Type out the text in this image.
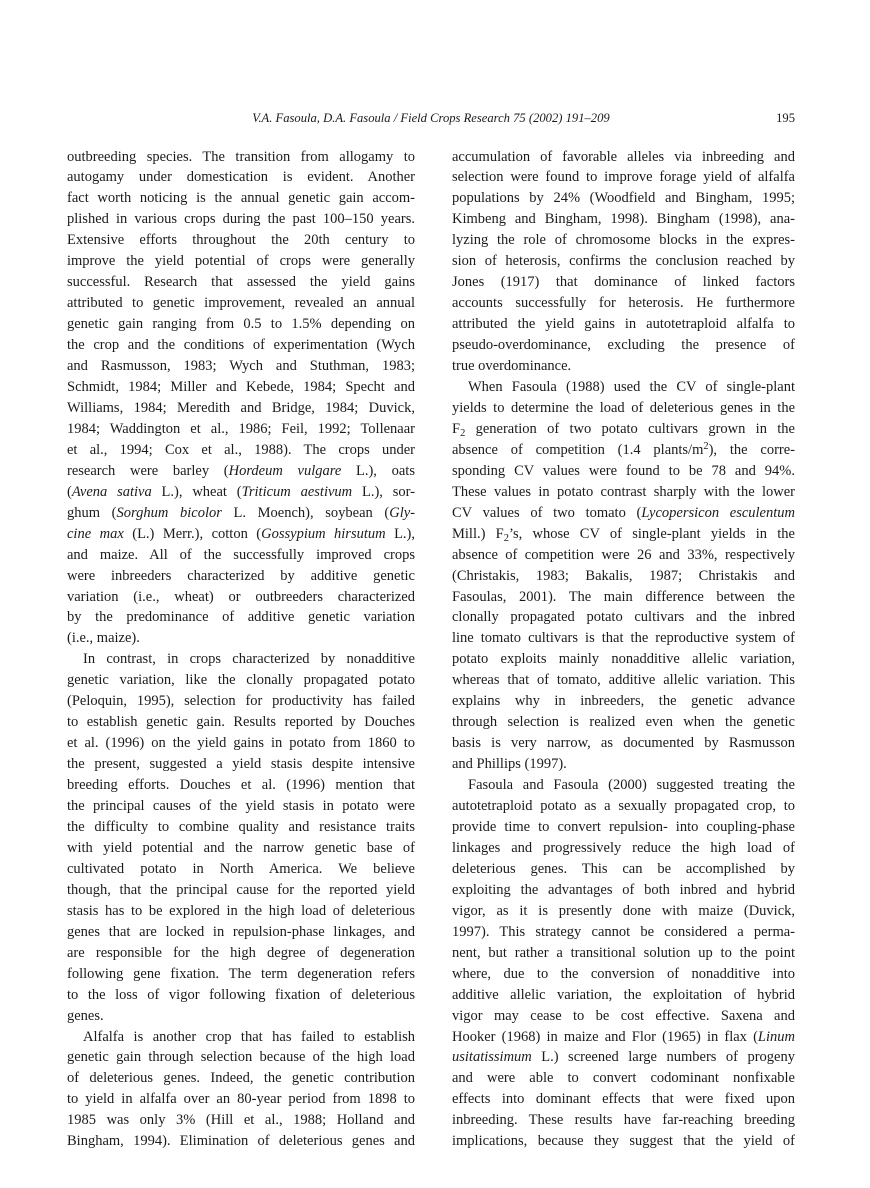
V.A. Fasoula, D.A. Fasoula / Field Crops Research 75 (2002) 191–209	195
outbreeding species. The transition from allogamy to
autogamy under domestication is evident. Another
fact worth noticing is the annual genetic gain accom-
plished in various crops during the past 100–150 years.
Extensive efforts throughout the 20th century to
improve the yield potential of crops were generally
successful. Research that assessed the yield gains
attributed to genetic improvement, revealed an annual
genetic gain ranging from 0.5 to 1.5% depending on
the crop and the conditions of experimentation (Wych
and Rasmusson, 1983; Wych and Stuthman, 1983;
Schmidt, 1984; Miller and Kebede, 1984; Specht and
Williams, 1984; Meredith and Bridge, 1984; Duvick,
1984; Waddington et al., 1986; Feil, 1992; Tollenaar
et al., 1994; Cox et al., 1988). The crops under
research were barley (Hordeum vulgare L.), oats
(Avena sativa L.), wheat (Triticum aestivum L.), sor-
ghum (Sorghum bicolor L. Moench), soybean (Gly-
cine max (L.) Merr.), cotton (Gossypium hirsutum L.),
and maize. All of the successfully improved crops
were inbreeders characterized by additive genetic
variation (i.e., wheat) or outbreeders characterized
by the predominance of additive genetic variation
(i.e., maize).
In contrast, in crops characterized by nonadditive
genetic variation, like the clonally propagated potato
(Peloquin, 1995), selection for productivity has failed
to establish genetic gain. Results reported by Douches
et al. (1996) on the yield gains in potato from 1860 to
the present, suggested a yield stasis despite intensive
breeding efforts. Douches et al. (1996) mention that
the principal causes of the yield stasis in potato were
the difficulty to combine quality and resistance traits
with yield potential and the narrow genetic base of
cultivated potato in North America. We believe
though, that the principal cause for the reported yield
stasis has to be explored in the high load of deleterious
genes that are locked in repulsion-phase linkages, and
are responsible for the high degree of degeneration
following gene fixation. The term degeneration refers
to the loss of vigor following fixation of deleterious
genes.
Alfalfa is another crop that has failed to establish
genetic gain through selection because of the high load
of deleterious genes. Indeed, the genetic contribution
to yield in alfalfa over an 80-year period from 1898 to
1985 was only 3% (Hill et al., 1988; Holland and
Bingham, 1994). Elimination of deleterious genes and
accumulation of favorable alleles via inbreeding and
selection were found to improve forage yield of alfalfa
populations by 24% (Woodfield and Bingham, 1995;
Kimbeng and Bingham, 1998). Bingham (1998), ana-
lyzing the role of chromosome blocks in the expres-
sion of heterosis, confirms the conclusion reached by
Jones (1917) that dominance of linked factors
accounts successfully for heterosis. He furthermore
attributed the yield gains in autotetraploid alfalfa to
pseudo-overdominance, excluding the presence of
true overdominance.
When Fasoula (1988) used the CV of single-plant
yields to determine the load of deleterious genes in the
$F_2$ generation of two potato cultivars grown in the
absence of competition (1.4 plants/$m^2$), the corre-
sponding CV values were found to be 78 and 94%.
These values in potato contrast sharply with the lower
CV values of two tomato (Lycopersicon esculentum
Mill.) $F_2’s$, whose CV of single-plant yields in the
absence of competition were 26 and 33%, respectively
(Christakis, 1983; Bakalis, 1987; Christakis and
Fasoulas, 2001). The main difference between the
clonally propagated potato cultivars and the inbred
line tomato cultivars is that the reproductive system of
potato exploits mainly nonadditive allelic variation,
whereas that of tomato, additive allelic variation. This
explains why in inbreeders, the genetic advance
through selection is realized even when the genetic
basis is very narrow, as documented by Rasmusson
and Phillips (1997).
Fasoula and Fasoula (2000) suggested treating the
autotetraploid potato as a sexually propagated crop, to
provide time to convert repulsion- into coupling-phase
linkages and progressively reduce the high load of
deleterious genes. This can be accomplished by
exploiting the advantages of both inbred and hybrid
vigor, as it is presently done with maize (Duvick,
1997). This strategy cannot be considered a perma-
nent, but rather a transitional solution up to the point
where, due to the conversion of nonadditive into
additive allelic variation, the exploitation of hybrid
vigor may cease to be cost effective. Saxena and
Hooker (1968) in maize and Flor (1965) in flax (Linum
usitatissimum L.) screened large numbers of progeny
and were able to convert codominant nonfixable
effects into dominant effects that were fixed upon
inbreeding. These results have far-reaching breeding
implications, because they suggest that the yield of
